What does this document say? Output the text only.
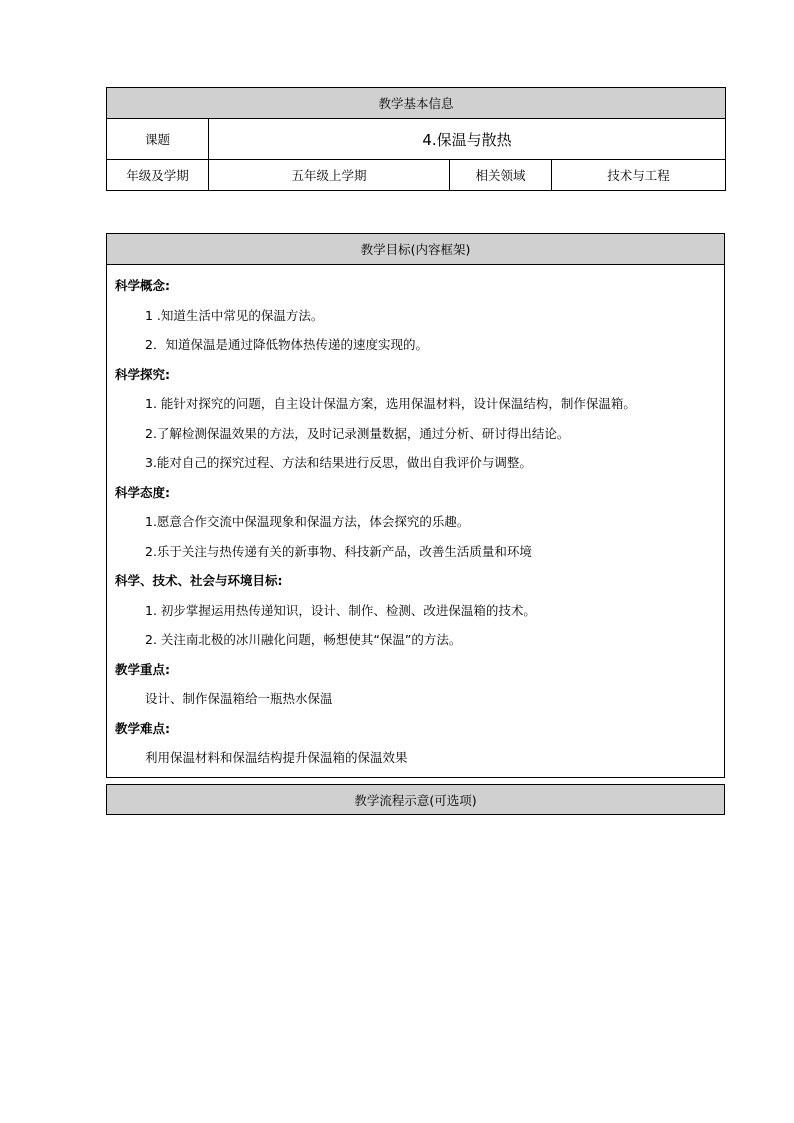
教学基本信息			
课题	4.保温与散热		
年级及学期	五年级上学期	相关领域	技术与工程
教学目标(内容框架)

科学概念:
1 .知道生活中常见的保温方法。
2．知道保温是通过降低物体热传递的速度实现的。
科学探究:
1. 能针对探究的问题，自主设计保温方案，选用保温材料，设计保温结构，制作保温箱。
2.了解检测保温效果的方法，及时记录测量数据，通过分析、研讨得出结论。
3.能对自己的探究过程、方法和结果进行反思，做出自我评价与调整。
科学态度:
1.愿意合作交流中保温现象和保温方法，体会探究的乐趣。
2.乐于关注与热传递有关的新事物、科技新产品，改善生活质量和环境
科学、技术、社会与环境目标:
1. 初步掌握运用热传递知识，设计、制作、检测、改进保温箱的技术。
2. 关注南北极的冰川融化问题，畅想使其“保温”的方法。
教学重点:
设计、制作保温箱给一瓶热水保温
教学难点:
利用保温材料和保温结构提升保温箱的保温效果
教学流程示意(可选项)
